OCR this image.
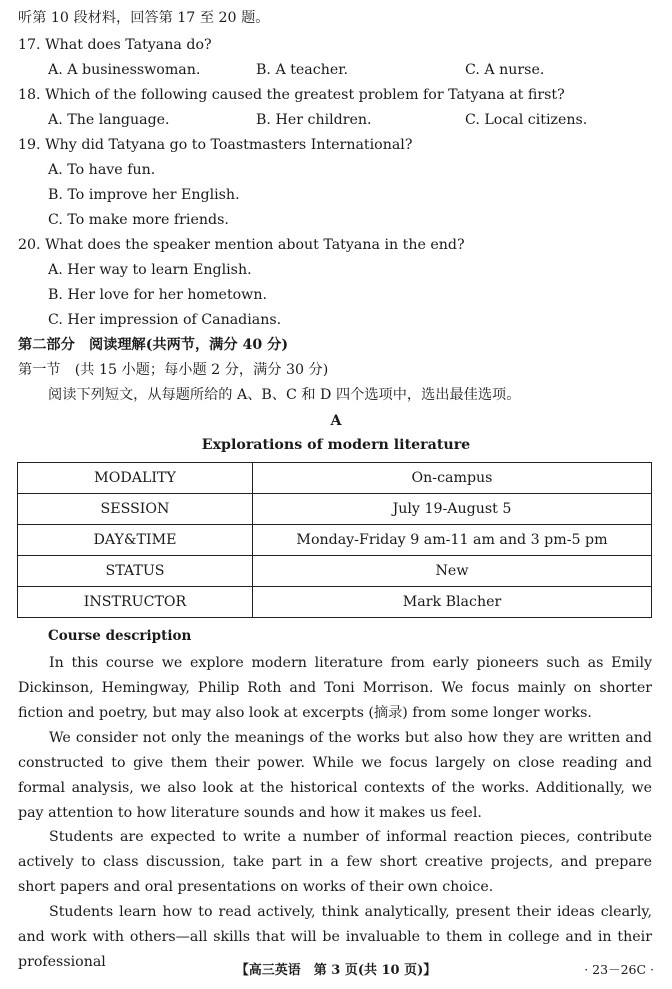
听第 10 段材料，回答第 17 至 20 题。
17. What does Tatyana do?
A. A businesswoman.	B. A teacher.	C. A nurse.
18. Which of the following caused the greatest problem for Tatyana at first?
A. The language.	B. Her children.	C. Local citizens.
19. Why did Tatyana go to Toastmasters International?
A. To have fun.
B. To improve her English.
C. To make more friends.
20. What does the speaker mention about Tatyana in the end?
A. Her way to learn English.
B. Her love for her hometown.
C. Her impression of Canadians.
第二部分　阅读理解(共两节，满分 40 分)
第一节　(共 15 小题；每小题 2 分，满分 30 分)
阅读下列短文，从每题所给的 A、B、C 和 D 四个选项中，选出最佳选项。
A
Explorations of modern literature
MODALITY	On-campus
SESSION	July 19-August 5
DAY&TIME	Monday-Friday 9 am-11 am and 3 pm-5 pm
STATUS	New
INSTRUCTOR	Mark Blacher
Course description
In this course we explore modern literature from early pioneers such as Emily Dickinson, Hemingway, Philip Roth and Toni Morrison. We focus mainly on shorter fiction and poetry, but may also look at excerpts (摘录) from some longer works.
We consider not only the meanings of the works but also how they are written and constructed to give them their power. While we focus largely on close reading and formal analysis, we also look at the historical contexts of the works. Additionally, we pay attention to how literature sounds and how it makes us feel.
Students are expected to write a number of informal reaction pieces, contribute actively to class discussion, take part in a few short creative projects, and prepare short papers and oral presentations on works of their own choice.
Students learn how to read actively, think analytically, present their ideas clearly, and work with others—all skills that will be invaluable to them in college and in their professional
【高三英语　第 3 页(共 10 页)】	· 23－26C ·
